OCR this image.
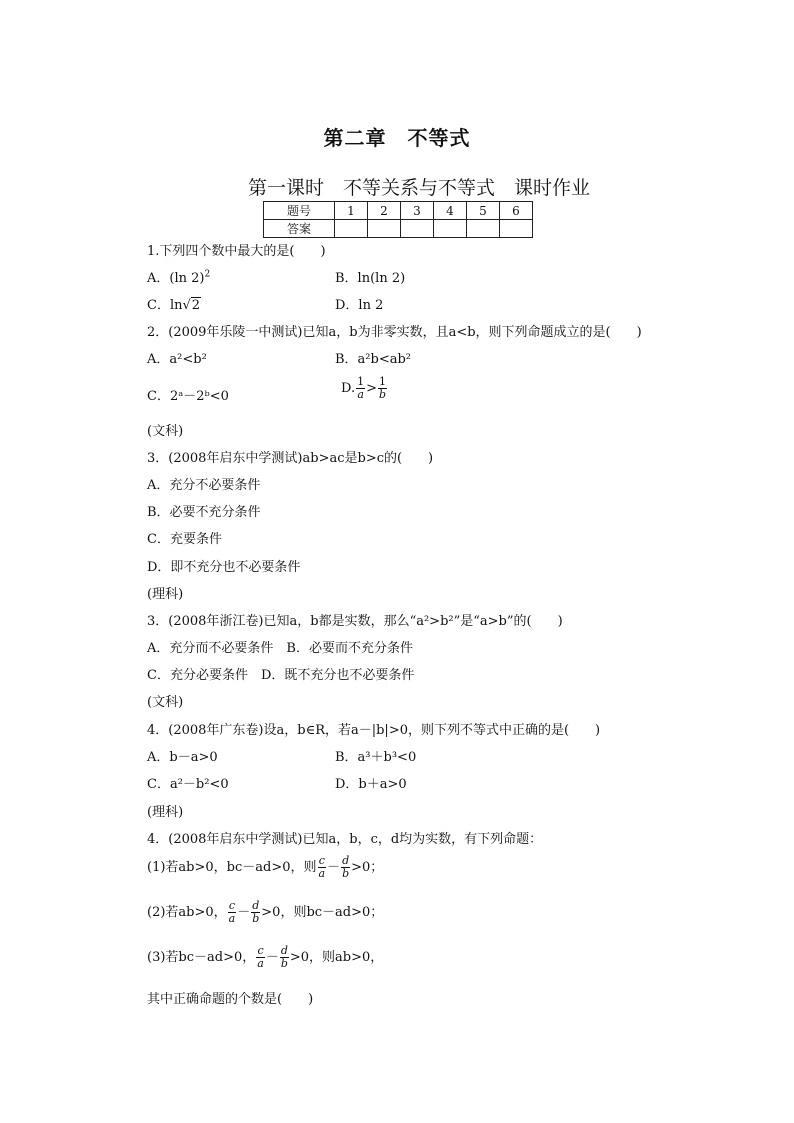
第二章　不等式
第一课时　不等关系与不等式　课时作业
题号	1	2	3	4	5	6
答案						
1.下列四个数中最大的是(　　)
A．(ln 2)$^2$	B．ln(ln 2)
C．ln√2	D．ln 2
2．(2009年乐陵一中测试)已知a，b为非零实数，且a<b，则下列命题成立的是(　　)
A．a²<b²	B．a²b<ab²
C．2ᵃ－2ᵇ<0
D. $\frac{1}{a} > \frac{1}{b}$
(文科)
3．(2008年启东中学测试)ab>ac是b>c的(　　)
A．充分不必要条件
B．必要不充分条件
C．充要条件
D．即不充分也不必要条件
(理科)
3．(2008年浙江卷)已知a，b都是实数，那么“a²>b²”是“a>b”的(　　)
A．充分而不必要条件　B．必要而不充分条件
C．充分必要条件　D．既不充分也不必要条件
(文科)
4．(2008年广东卷)设a，b∈R，若a－|b|>0，则下列不等式中正确的是(　　)
A．b－a>0	B．a³＋b³<0
C．a²－b²<0	D．b＋a>0
(理科)
4．(2008年启东中学测试)已知a，b，c，d均为实数，有下列命题：
(1)若ab>0，bc－ad>0，则 $\frac{c}{a} - \frac{d}{b} >0$；
(2)若ab>0， $\frac{c}{a} - \frac{d}{b} >0$，则bc－ad>0；
(3)若bc－ad>0， $\frac{c}{a} - \frac{d}{b} >0$，则ab>0，
其中正确命题的个数是(　　)
